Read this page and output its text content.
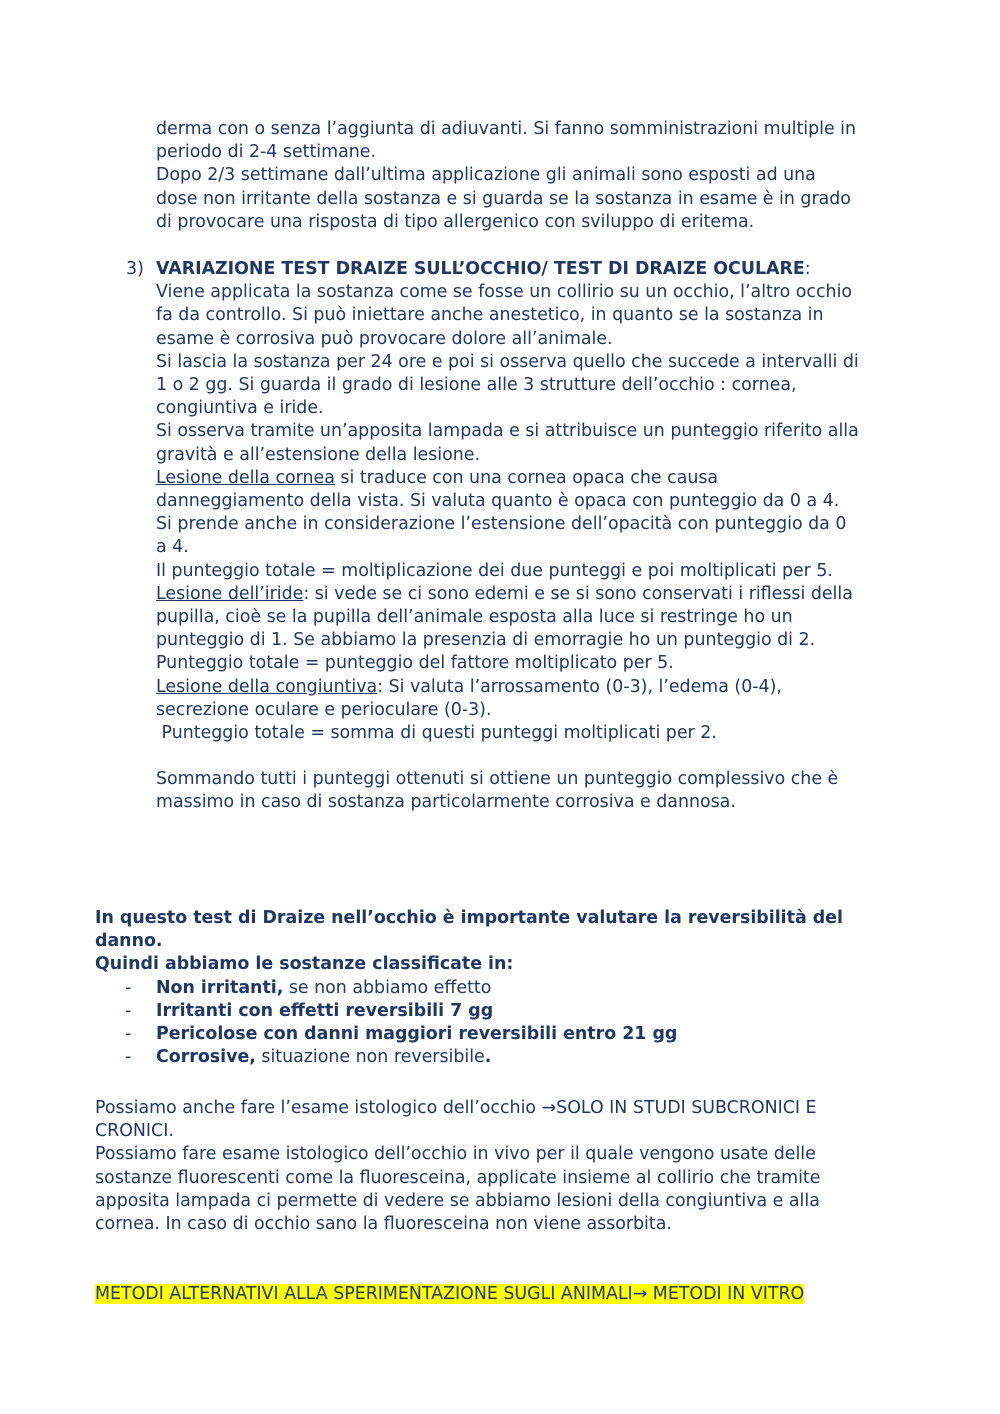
derma con o senza l’aggiunta di adiuvanti. Si fanno somministrazioni multiple in

periodo di 2-4 settimane.

Dopo 2/3 settimane dall’ultima applicazione gli animali sono esposti ad una

dose non irritante della sostanza e si guarda se la sostanza in esame è in grado

di provocare una risposta di tipo allergenico con sviluppo di eritema.

3) VARIAZIONE TEST DRAIZE SULL’OCCHIO/ TEST DI DRAIZE OCULARE:

Viene applicata la sostanza come se fosse un collirio su un occhio, l’altro occhio

fa da controllo. Si può iniettare anche anestetico, in quanto se la sostanza in

esame è corrosiva può provocare dolore all’animale.

Si lascia la sostanza per 24 ore e poi si osserva quello che succede a intervalli di

1 o 2 gg. Si guarda il grado di lesione alle 3 strutture dell’occhio : cornea,

congiuntiva e iride.

Si osserva tramite un’apposita lampada e si attribuisce un punteggio riferito alla

gravità e all’estensione della lesione.

Lesione della cornea si traduce con una cornea opaca che causa

danneggiamento della vista. Si valuta quanto è opaca con punteggio da 0 a 4.

Si prende anche in considerazione l’estensione dell’opacità con punteggio da 0

a 4.

Il punteggio totale = moltiplicazione dei due punteggi e poi moltiplicati per 5.

Lesione dell’iride: si vede se ci sono edemi e se si sono conservati i riflessi della

pupilla, cioè se la pupilla dell’animale esposta alla luce si restringe ho un

punteggio di 1. Se abbiamo la presenzia di emorragie ho un punteggio di 2.

Punteggio totale = punteggio del fattore moltiplicato per 5.

Lesione della congiuntiva: Si valuta l’arrossamento (0-3), l’edema (0-4),

secrezione oculare e perioculare (0-3).

Punteggio totale = somma di questi punteggi moltiplicati per 2.

Sommando tutti i punteggi ottenuti si ottiene un punteggio complessivo che è

massimo in caso di sostanza particolarmente corrosiva e dannosa.

In questo test di Draize nell’occhio è importante valutare la reversibilità del

danno.

Quindi abbiamo le sostanze classificate in:

- Non irritanti, se non abbiamo effetto
- Irritanti con effetti reversibili 7 gg
- Pericolose con danni maggiori reversibili entro 21 gg
- Corrosive, situazione non reversibile.

Possiamo anche fare l’esame istologico dell’occhio →SOLO IN STUDI SUBCRONICI E

CRONICI.

Possiamo fare esame istologico dell’occhio in vivo per il quale vengono usate delle

sostanze fluorescenti come la fluoresceina, applicate insieme al collirio che tramite

apposita lampada ci permette di vedere se abbiamo lesioni della congiuntiva e alla

cornea. In caso di occhio sano la fluoresceina non viene assorbita.

METODI ALTERNATIVI ALLA SPERIMENTAZIONE SUGLI ANIMALI→ METODI IN VITRO
